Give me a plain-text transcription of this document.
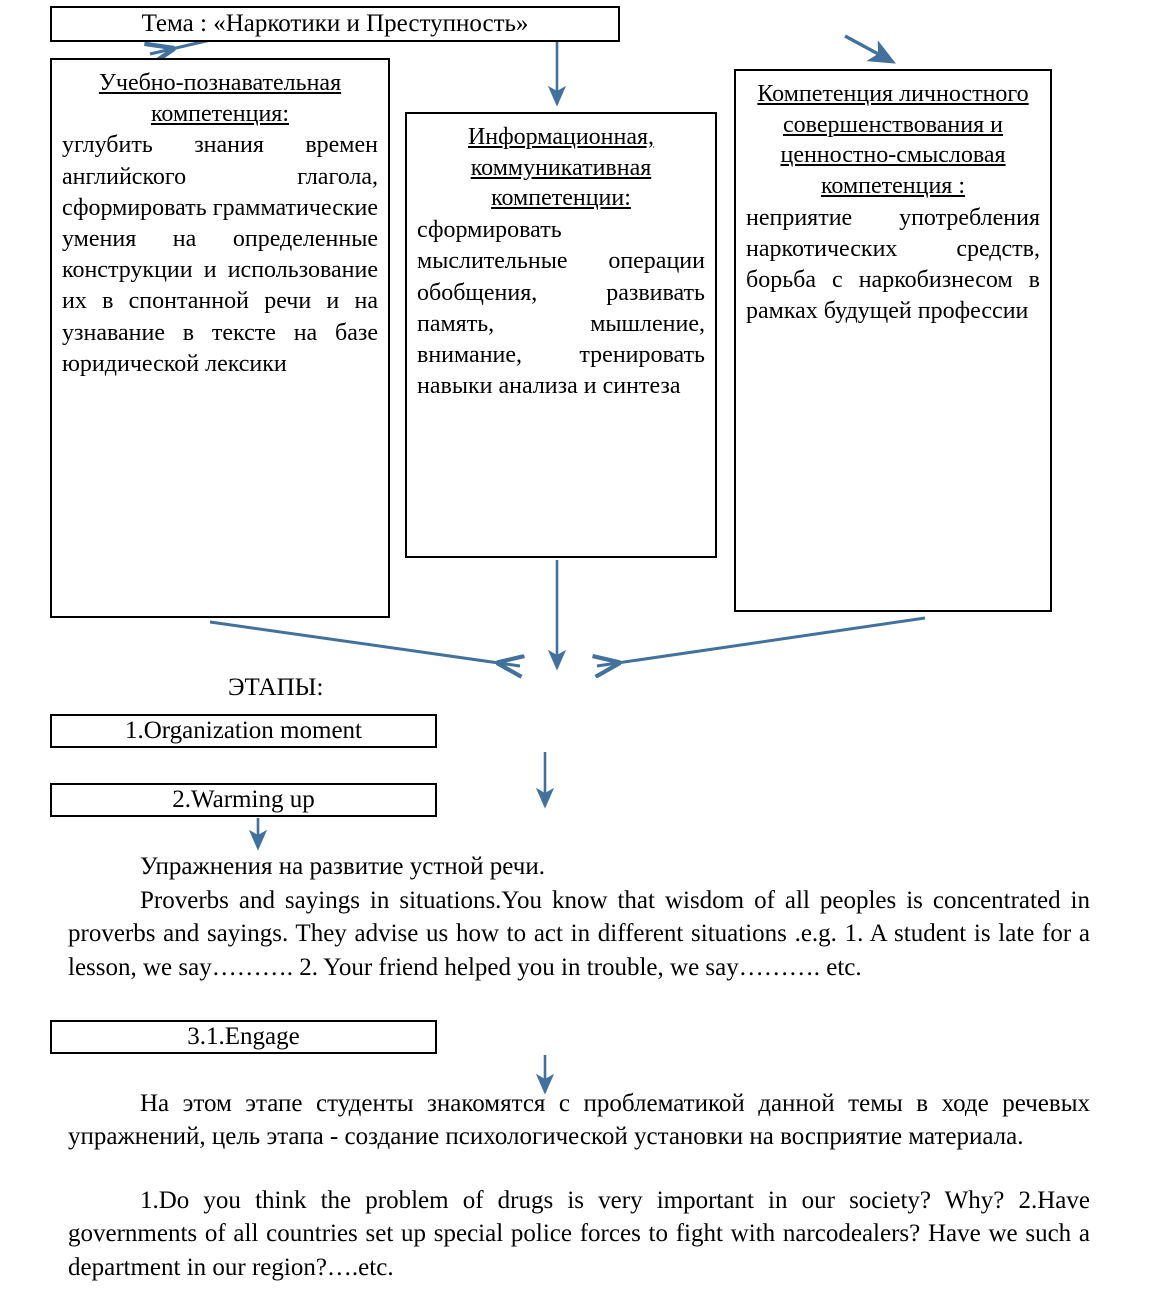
Тема : «Наркотики и Преступность»
Учебно-познавательная компетенция:
углубить знания времен английского глагола, сформировать грамматические умения на определенные конструкции и использование их в спонтанной речи и на узнавание в тексте на базе юридической лексики
Информационная, коммуникативная компетенции:
сформировать мыслительные операции обобщения, развивать память, мышление, внимание, тренировать навыки анализа и синтеза
Компетенция личностного совершенствования и ценностно-смысловая компетенция :
неприятие употребления наркотических средств, борьба с наркобизнесом в рамках будущей профессии
ЭТАПЫ:
1.Organization moment
2.Warming up
3.1.Engage
Упражнения на развитие устной речи.
Proverbs and sayings in situations.You know that wisdom of all peoples is concentrated in proverbs and sayings. They advise us how to act in different situations .e.g. 1. A student is late for a lesson, we say………. 2. Your friend helped you in trouble, we say………. etc.
На этом этапе студенты знакомятся с проблематикой данной темы в ходе речевых упражнений, цель этапа - создание психологической установки на восприятие материала.
1.Do you think the problem of drugs is very important in our society? Why? 2.Have governments of all countries set up special police forces to fight with narcodealers? Have we such a department in our region?….etc.
